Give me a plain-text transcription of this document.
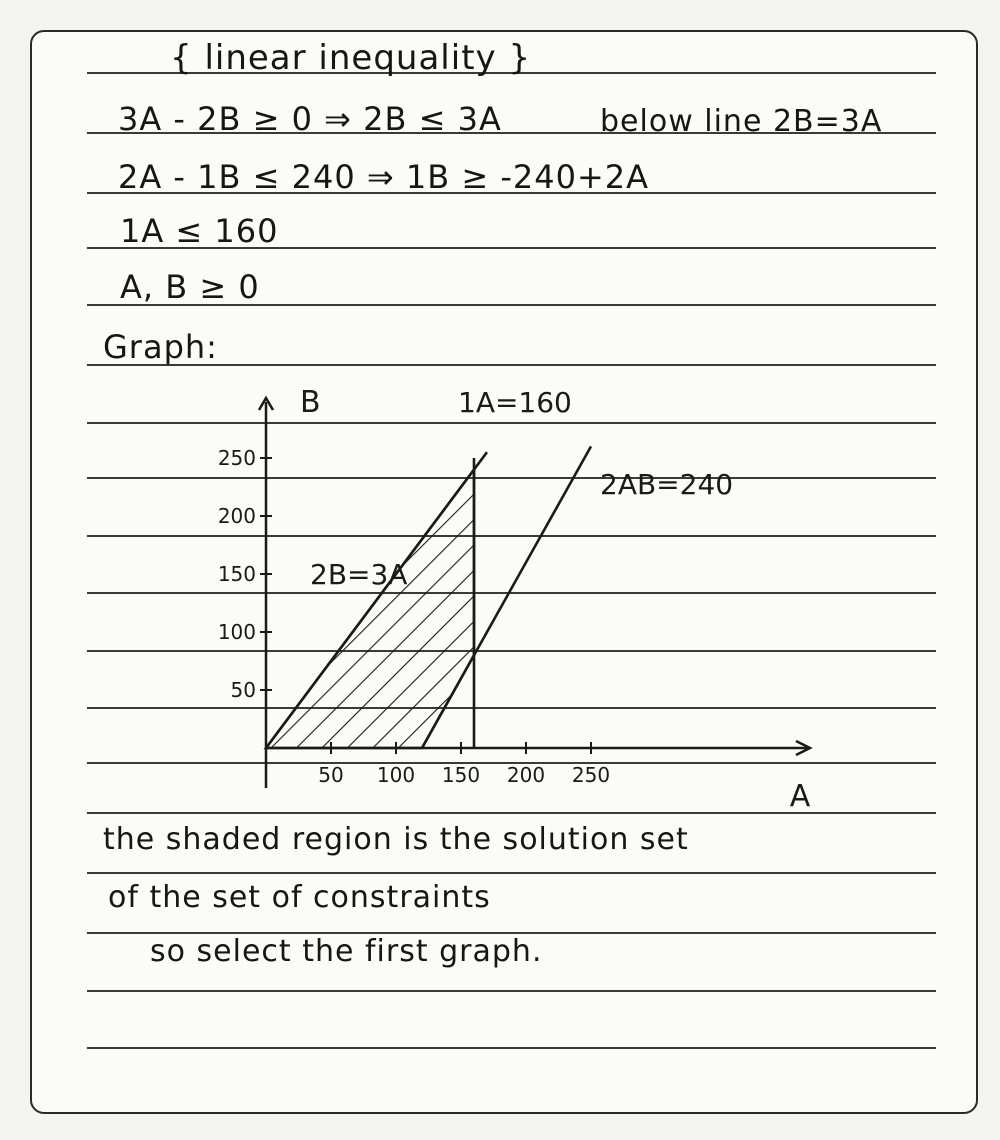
{ linear inequality }
3A - 2B ≥ 0 ⇒ 2B ≤ 3A	below line 2B=3A
2A - 1B ≤ 240 ⇒ 1B ≥ -240+2A
1A ≤ 160
A, B ≥ 0
Graph:
50 100 150 200 250
50
100
150
200
250
B
A
1A=160
2AB=240
2B=3A
the shaded region is the solution set
of the set of constraints
so select the first graph.
